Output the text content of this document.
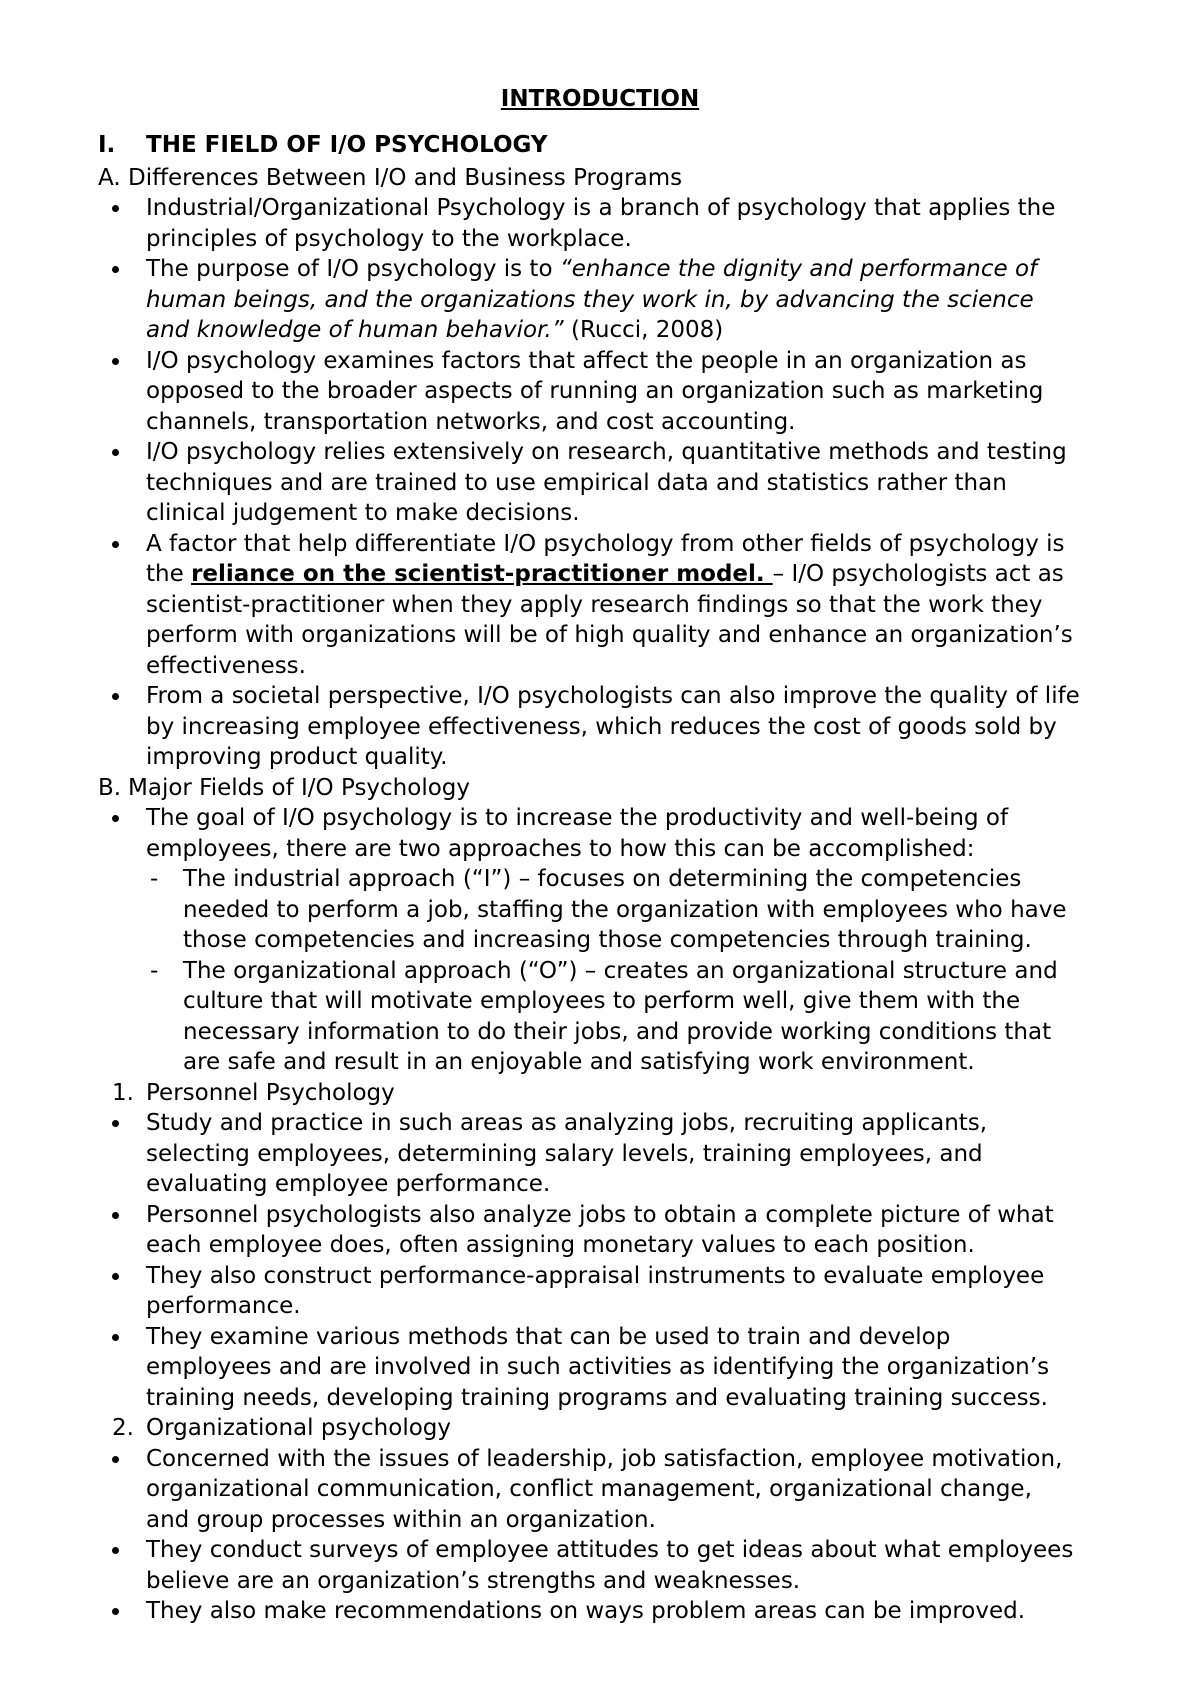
INTRODUCTION
I. THE FIELD OF I/O PSYCHOLOGY
A. Differences Between I/O and Business Programs
Industrial/Organizational Psychology is a branch of psychology that applies the
principles of psychology to the workplace.
The purpose of I/O psychology is to “enhance the dignity and performance of
human beings, and the organizations they work in, by advancing the science
and knowledge of human behavior.” (Rucci, 2008)
I/O psychology examines factors that affect the people in an organization as
opposed to the broader aspects of running an organization such as marketing
channels, transportation networks, and cost accounting.
I/O psychology relies extensively on research, quantitative methods and testing
techniques and are trained to use empirical data and statistics rather than
clinical judgement to make decisions.
A factor that help differentiate I/O psychology from other fields of psychology is
the reliance on the scientist-practitioner model. – I/O psychologists act as
scientist-practitioner when they apply research findings so that the work they
perform with organizations will be of high quality and enhance an organization’s
effectiveness.
From a societal perspective, I/O psychologists can also improve the quality of life
by increasing employee effectiveness, which reduces the cost of goods sold by
improving product quality.
B. Major Fields of I/O Psychology
The goal of I/O psychology is to increase the productivity and well-being of
employees, there are two approaches to how this can be accomplished:
- The industrial approach (“I”) – focuses on determining the competencies
needed to perform a job, staffing the organization with employees who have
those competencies and increasing those competencies through training.
- The organizational approach (“O”) – creates an organizational structure and
culture that will motivate employees to perform well, give them with the
necessary information to do their jobs, and provide working conditions that
are safe and result in an enjoyable and satisfying work environment.
1. Personnel Psychology
Study and practice in such areas as analyzing jobs, recruiting applicants,
selecting employees, determining salary levels, training employees, and
evaluating employee performance.
Personnel psychologists also analyze jobs to obtain a complete picture of what
each employee does, often assigning monetary values to each position.
They also construct performance-appraisal instruments to evaluate employee
performance.
They examine various methods that can be used to train and develop
employees and are involved in such activities as identifying the organization’s
training needs, developing training programs and evaluating training success.
2. Organizational psychology
Concerned with the issues of leadership, job satisfaction, employee motivation,
organizational communication, conflict management, organizational change,
and group processes within an organization.
They conduct surveys of employee attitudes to get ideas about what employees
believe are an organization’s strengths and weaknesses.
They also make recommendations on ways problem areas can be improved.
